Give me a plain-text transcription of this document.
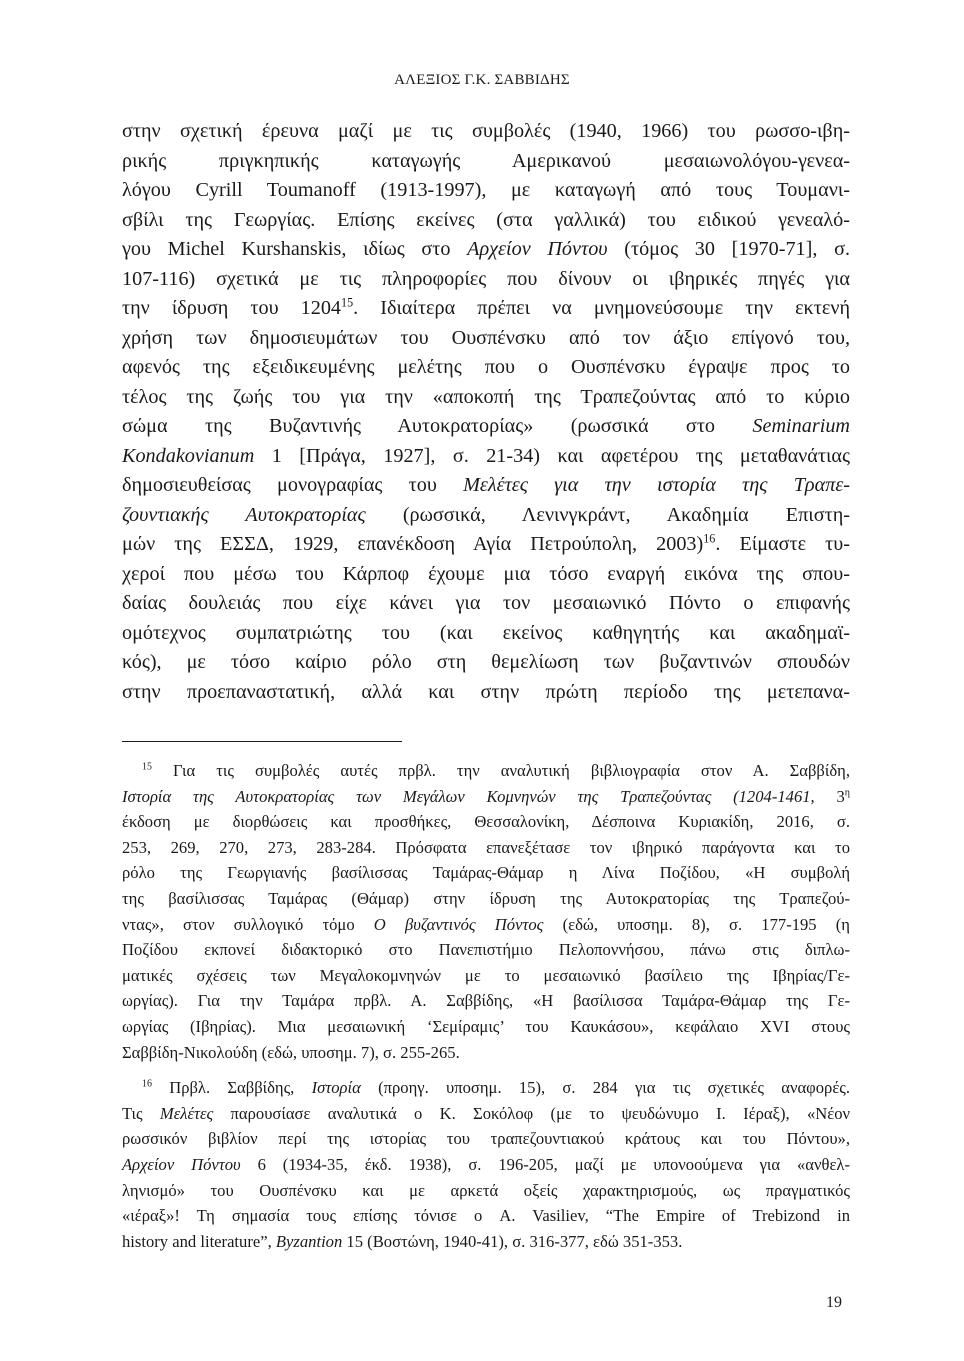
ΑΛΕΞΙΟΣ Γ.Κ. ΣΑΒΒΙΔΗΣ
στην σχετική έρευνα μαζί με τις συμβολές (1940, 1966) του ρωσσο-ιβη-
ρικής πριγκηπικής καταγωγής Αμερικανού μεσαιωνολόγου-γενεα-
λόγου Cyrill Toumanoff (1913-1997), με καταγωγή από τους Τουμανι-
σβίλι της Γεωργίας. Επίσης εκείνες (στα γαλλικά) του ειδικού γενεαλό-
γου Michel Kurshanskis, ιδίως στο Αρχείον Πόντου (τόμος 30 [1970-71], σ.
107-116) σχετικά με τις πληροφορίες που δίνουν οι ιβηρικές πηγές για
την ίδρυση του 1204$^{15}$. Ιδιαίτερα πρέπει να μνημονεύσουμε την εκτενή
χρήση των δημοσιευμάτων του Ουσπένσκυ από τον άξιο επίγονό του,
αφενός της εξειδικευμένης μελέτης που ο Ουσπένσκυ έγραψε προς το
τέλος της ζωής του για την «αποκοπή της Τραπεζούντας από το κύριο
σώμα της Βυζαντινής Αυτοκρατορίας» (ρωσσικά στο Seminarium
Kondakovianum 1 [Πράγα, 1927], σ. 21-34) και αφετέρου της μεταθανάτιας
δημοσιευθείσας μονογραφίας του Μελέτες για την ιστορία της Τραπε-
ζουντιακής Αυτοκρατορίας (ρωσσικά, Λενινγκράντ, Ακαδημία Επιστη-
μών της ΕΣΣΔ, 1929, επανέκδοση Αγία Πετρούπολη, 2003)$^{16}$. Είμαστε τυ-
χεροί που μέσω του Κάρποφ έχουμε μια τόσο εναργή εικόνα της σπου-
δαίας δουλειάς που είχε κάνει για τον μεσαιωνικό Πόντο ο επιφανής
ομότεχνος συμπατριώτης του (και εκείνος καθηγητής και ακαδημαϊ-
κός), με τόσο καίριο ρόλο στη θεμελίωση των βυζαντινών σπουδών
στην προεπαναστατική, αλλά και στην πρώτη περίοδο της μετεπανα-
$^{15}$ Για τις συμβολές αυτές πρβλ. την αναλυτική βιβλιογραφία στον Α. Σαββίδη,
Ιστορία της Αυτοκρατορίας των Μεγάλων Κομνηνών της Τραπεζούντας (1204-1461, $3^\eta$
έκδοση με διορθώσεις και προσθήκες, Θεσσαλονίκη, Δέσποινα Κυριακίδη, 2016, σ.
253, 269, 270, 273, 283-284. Πρόσφατα επανεξέτασε τον ιβηρικό παράγοντα και το
ρόλο της Γεωργιανής βασίλισσας Ταμάρας-Θάμαρ η Λίνα Ποζίδου, «Η συμβολή
της βασίλισσας Ταμάρας (Θάμαρ) στην ίδρυση της Αυτοκρατορίας της Τραπεζού-
ντας», στον συλλογικό τόμο Ο βυζαντινός Πόντος (εδώ, υποσημ. 8), σ. 177-195 (η
Ποζίδου εκπονεί διδακτορικό στο Πανεπιστήμιο Πελοποννήσου, πάνω στις διπλω-
ματικές σχέσεις των Μεγαλοκομνηνών με το μεσαιωνικό βασίλειο της Ιβηρίας/Γε-
ωργίας). Για την Ταμάρα πρβλ. Α. Σαββίδης, «Η βασίλισσα Ταμάρα-Θάμαρ της Γε-
ωργίας (Ιβηρίας). Μια μεσαιωνική ‘Σεμίραμις’ του Καυκάσου», κεφάλαιο XVI στους
Σαββίδη-Νικολούδη (εδώ, υποσημ. 7), σ. 255-265.
$^{16}$ Πρβλ. Σαββίδης, Ιστορία (προηγ. υποσημ. 15), σ. 284 για τις σχετικές αναφορές.
Τις Μελέτες παρουσίασε αναλυτικά ο Κ. Σοκόλοφ (με το ψευδώνυμο Ι. Ιέραξ), «Νέον
ρωσσικόν βιβλίον περί της ιστορίας του τραπεζουντιακού κράτους και του Πόντου»,
Αρχείον Πόντου 6 (1934-35, έκδ. 1938), σ. 196-205, μαζί με υπονοούμενα για «ανθελ-
ληνισμό» του Ουσπένσκυ και με αρκετά οξείς χαρακτηρισμούς, ως πραγματικός
«ιέραξ»! Τη σημασία τους επίσης τόνισε ο A. Vasiliev, “The Empire of Trebizond in
history and literature”, Byzantion 15 (Βοστώνη, 1940-41), σ. 316-377, εδώ 351-353.
19
